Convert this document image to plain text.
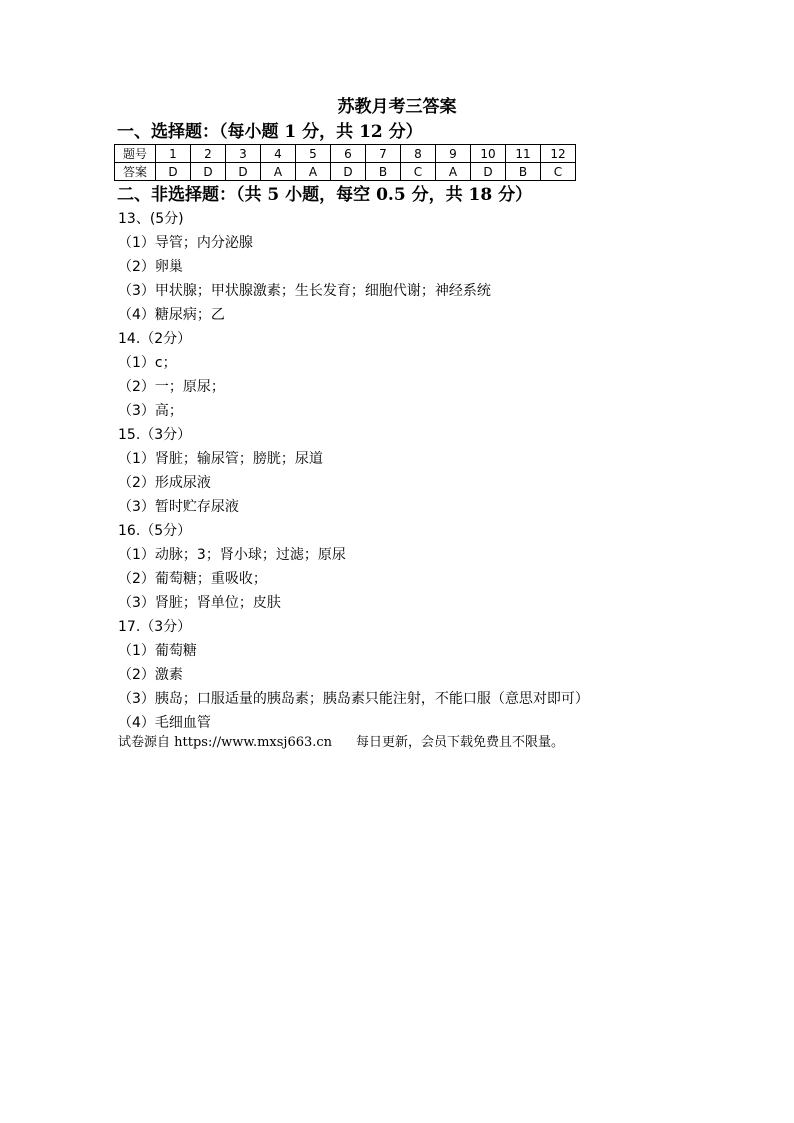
苏教月考三答案
一、选择题：（每小题 1 分，共 12 分）
题号	1	2	3	4	5	6	7	8	9	10	11	12
答案	D	D	D	A	A	D	B	C	A	D	B	C
二、非选择题：（共 5 小题，每空 0.5 分，共 18 分）
13、(5分)
（1）导管；内分泌腺
（2）卵巢
（3）甲状腺；甲状腺激素；生长发育；细胞代谢；神经系统
（4）糖尿病；乙
14.（2分）
（1）c；
（2）一；原尿；
（3）高；
15.（3分）
（1）肾脏；输尿管；膀胱；尿道
（2）形成尿液
（3）暂时贮存尿液
16.（5分）
（1）动脉；3；肾小球；过滤；原尿
（2）葡萄糖；重吸收；
（3）肾脏；肾单位；皮肤
17.（3分）
（1）葡萄糖
（2）激素
（3）胰岛；口服适量的胰岛素；胰岛素只能注射，不能口服（意思对即可）
（4）毛细血管
试卷源自 https://www.mxsj663.cn 每日更新，会员下载免费且不限量。
